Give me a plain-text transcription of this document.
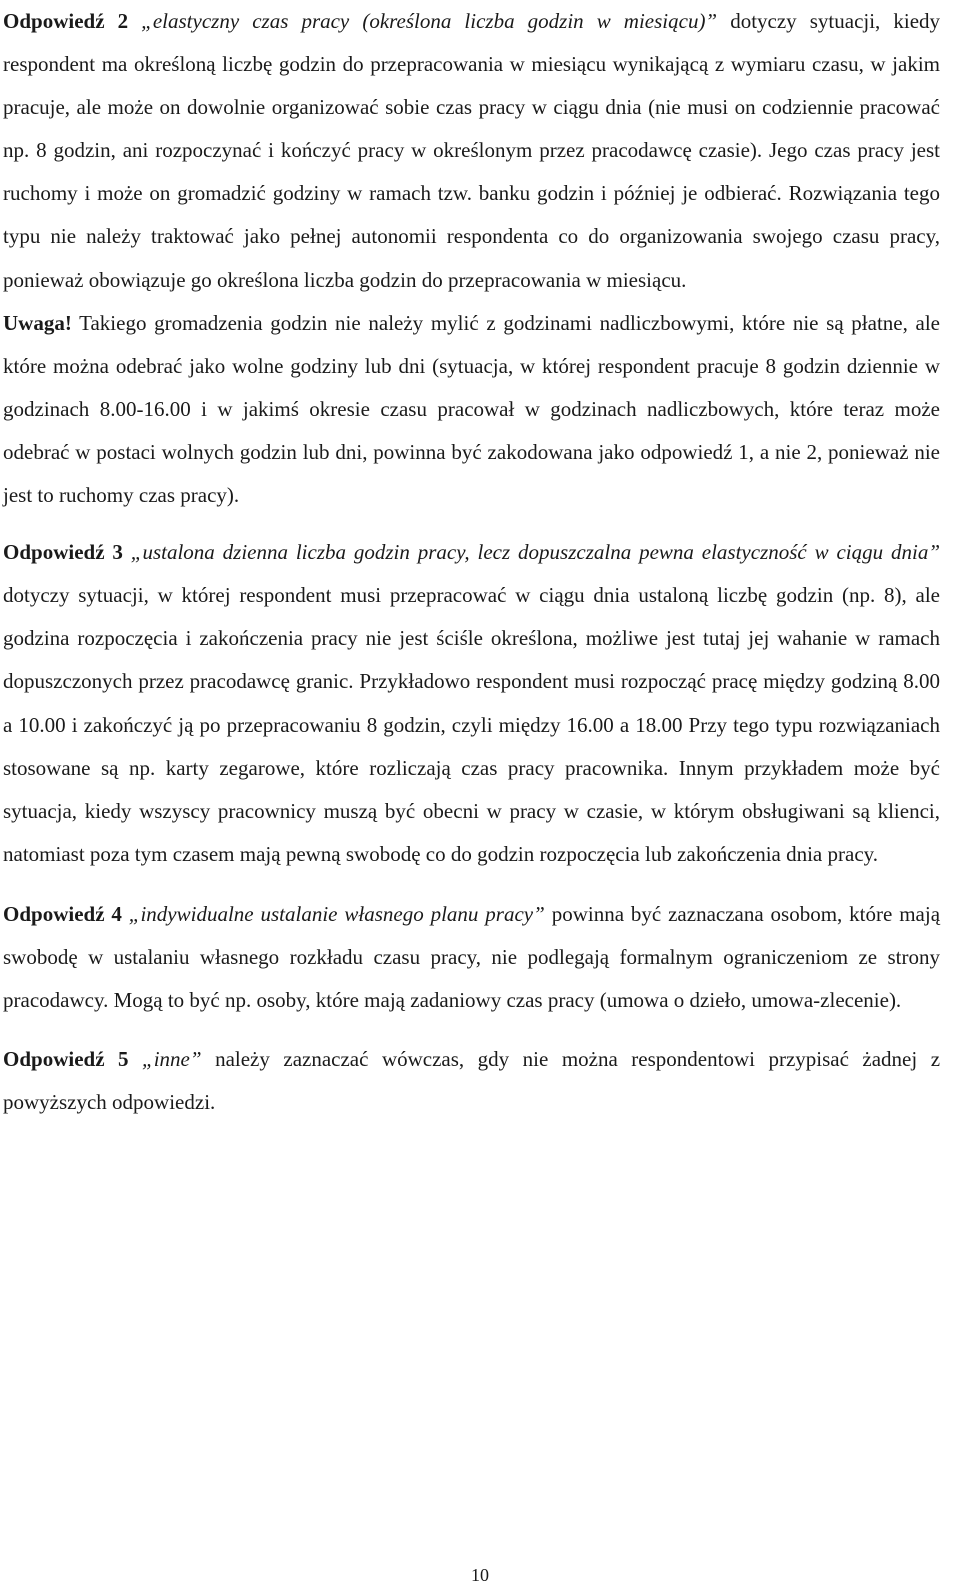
Odpowiedź 2 „elastyczny czas pracy (określona liczba godzin w miesiącu)” dotyczy sytuacji, kiedy respondent ma określoną liczbę godzin do przepracowania w miesiącu wynikającą z wymiaru czasu, w jakim pracuje, ale może on dowolnie organizować sobie czas pracy w ciągu dnia (nie musi on codziennie pracować np. 8 godzin, ani rozpoczynać i kończyć pracy w określonym przez pracodawcę czasie). Jego czas pracy jest ruchomy i może on gromadzić godziny w ramach tzw. banku godzin i później je odbierać. Rozwiązania tego typu nie należy traktować jako pełnej autonomii respondenta co do organizowania swojego czasu pracy, ponieważ obowiązuje go określona liczba godzin do przepracowania w miesiącu.

Uwaga! Takiego gromadzenia godzin nie należy mylić z godzinami nadliczbowymi, które nie są płatne, ale które można odebrać jako wolne godziny lub dni (sytuacja, w której respondent pracuje 8 godzin dziennie w godzinach 8.00-16.00 i w jakimś okresie czasu pracował w godzinach nadliczbowych, które teraz może odebrać w postaci wolnych godzin lub dni, powinna być zakodowana jako odpowiedź 1, a nie 2, ponieważ nie jest to ruchomy czas pracy).

Odpowiedź 3 „ustalona dzienna liczba godzin pracy, lecz dopuszczalna pewna elastyczność w ciągu dnia” dotyczy sytuacji, w której respondent musi przepracować w ciągu dnia ustaloną liczbę godzin (np. 8), ale godzina rozpoczęcia i zakończenia pracy nie jest ściśle określona, możliwe jest tutaj jej wahanie w ramach dopuszczonych przez pracodawcę granic. Przykładowo respondent musi rozpocząć pracę między godziną 8.00 a 10.00 i zakończyć ją po przepracowaniu 8 godzin, czyli między 16.00 a 18.00 Przy tego typu rozwiązaniach stosowane są np. karty zegarowe, które rozliczają czas pracy pracownika. Innym przykładem może być sytuacja, kiedy wszyscy pracownicy muszą być obecni w pracy w czasie, w którym obsługiwani są klienci, natomiast poza tym czasem mają pewną swobodę co do godzin rozpoczęcia lub zakończenia dnia pracy.

Odpowiedź 4 „indywidualne ustalanie własnego planu pracy” powinna być zaznaczana osobom, które mają swobodę w ustalaniu własnego rozkładu czasu pracy, nie podlegają formalnym ograniczeniom ze strony pracodawcy. Mogą to być np. osoby, które mają zadaniowy czas pracy (umowa o dzieło, umowa-zlecenie).

Odpowiedź 5 „inne” należy zaznaczać wówczas, gdy nie można respondentowi przypisać żadnej z powyższych odpowiedzi.

10
